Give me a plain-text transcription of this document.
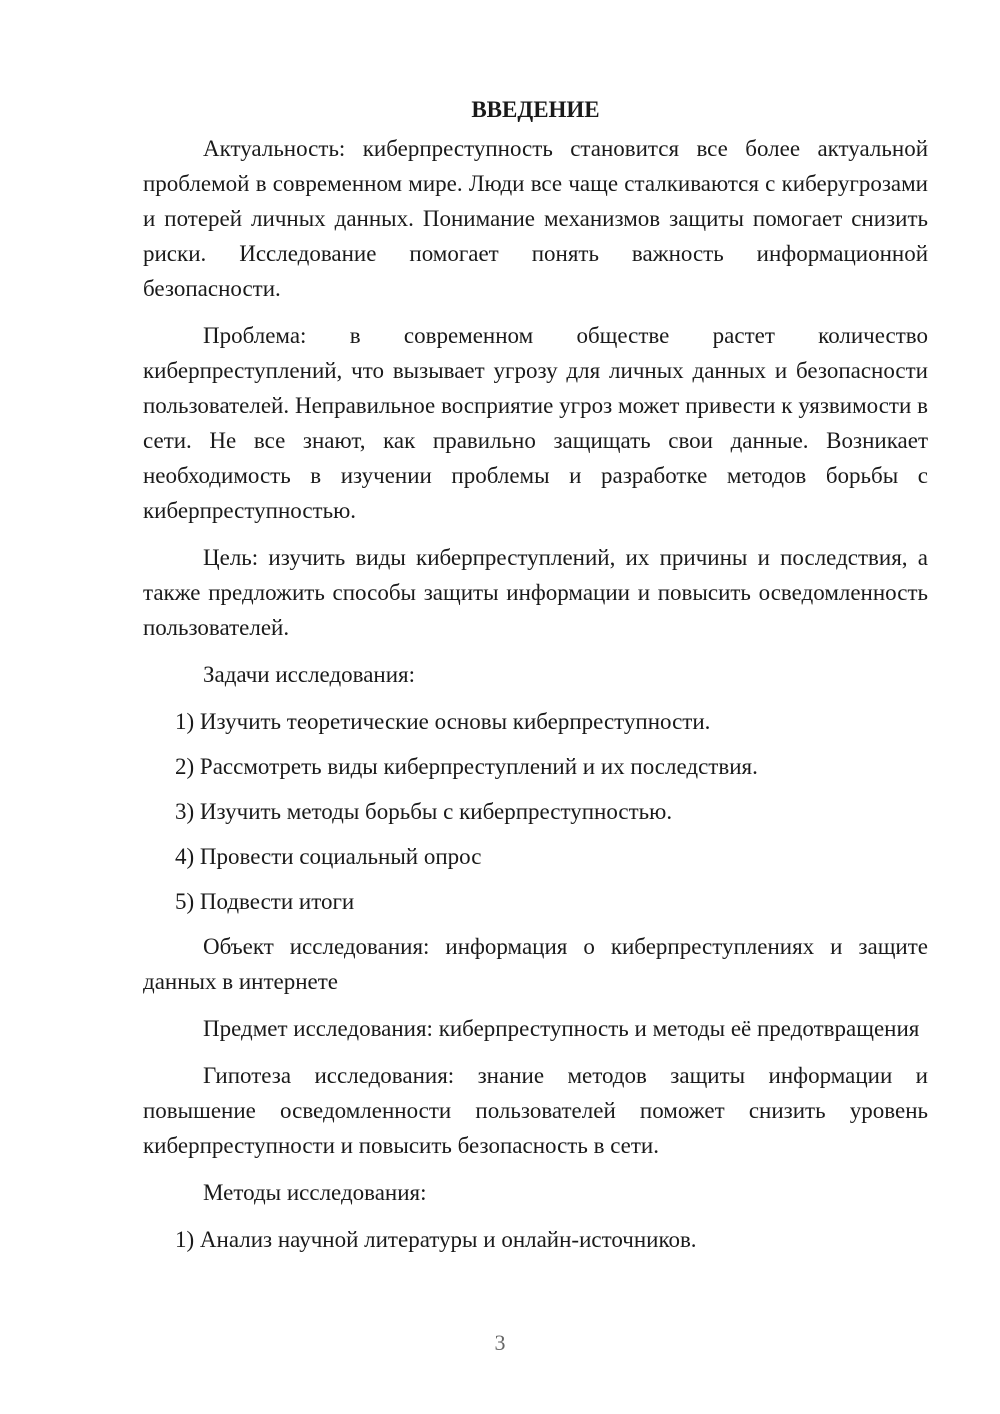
ВВЕДЕНИЕ

Актуальность: киберпреступность становится все более актуальной проблемой в современном мире. Люди все чаще сталкиваются с киберугрозами и потерей личных данных. Понимание механизмов защиты помогает снизить риски. Исследование помогает понять важность информационной безопасности.

Проблема: в современном обществе растет количество киберпреступлений, что вызывает угрозу для личных данных и безопасности пользователей. Неправильное восприятие угроз может привести к уязвимости в сети. Не все знают, как правильно защищать свои данные. Возникает необходимость в изучении проблемы и разработке методов борьбы с киберпреступностью.

Цель: изучить виды киберпреступлений, их причины и последствия, а также предложить способы защиты информации и повысить осведомленность пользователей.

Задачи исследования:

1) Изучить теоретические основы киберпреступности.

2) Рассмотреть виды киберпреступлений и их последствия.

3) Изучить методы борьбы с киберпреступностью.

4) Провести социальный опрос

5) Подвести итоги

Объект исследования: информация о киберпреступлениях и защите данных в интернете

Предмет исследования: киберпреступность и методы её предотвращения

Гипотеза исследования: знание методов защиты информации и повышение осведомленности пользователей поможет снизить уровень киберпреступности и повысить безопасность в сети.

Методы исследования:

1) Анализ научной литературы и онлайн-источников.

3
